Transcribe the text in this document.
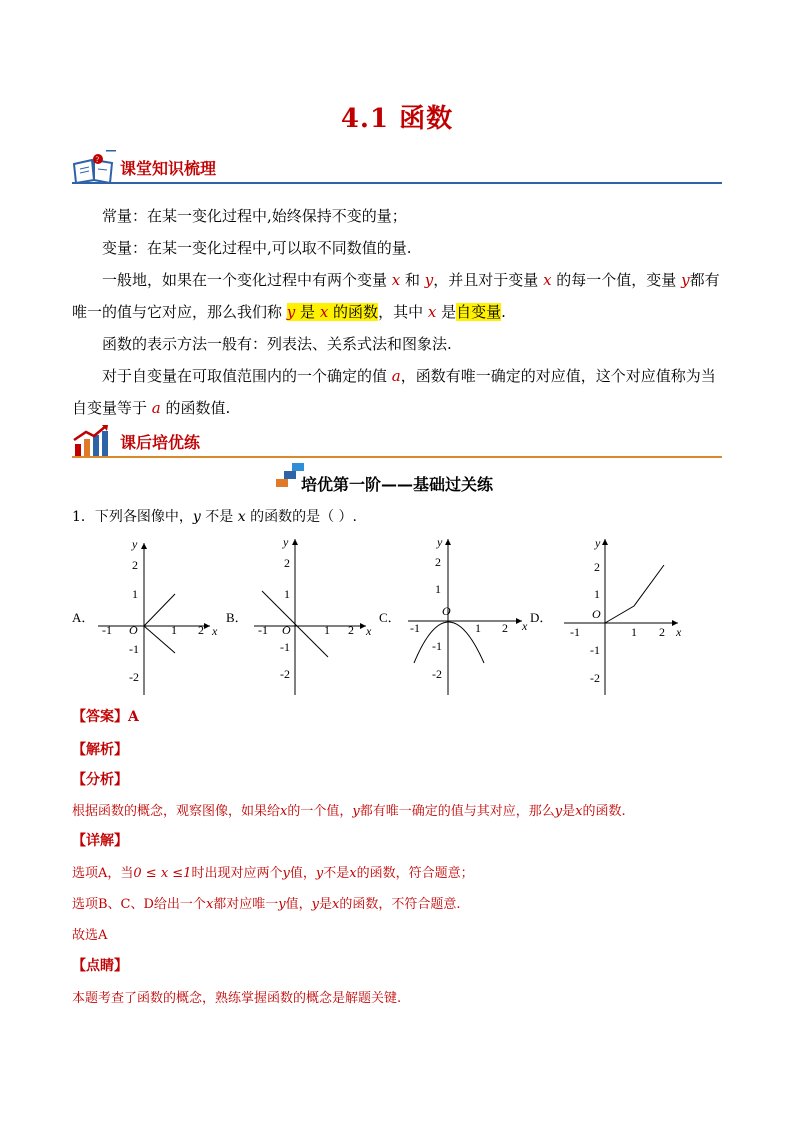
4.1 函数
? 课堂知识梳理
常量：在某一变化过程中,始终保持不变的量；
变量：在某一变化过程中,可以取不同数值的量.
一般地，如果在一个变化过程中有两个变量 x 和 y，并且对于变量 x 的每一个值，变量 y都有唯一的值与它对应，那么我们称 y 是 x 的函数，其中 x 是自变量.
函数的表示方法一般有：列表法、关系式法和图象法.
对于自变量在可取值范围内的一个确定的值 a，函数有唯一确定的对应值，这个对应值称为当自变量等于 a 的函数值.
课后培优练
培优第一阶——基础过关练
1．下列各图像中，y 不是 x 的函数的是（ ）.
A．	B．	C．	D．
y
x
O
-1	1 2
2
1
-1
-2
y
x
O
-1	1 2
2
1
-1
-2
y
x
O
-1	1 2
2
1
-1
-2
y
x
O
-1	1 2
2
1
-1
-2
【答案】A
【解析】
【分析】
根据函数的概念，观察图像，如果给x的一个值，y都有唯一确定的值与其对应，那么y是x的函数.
【详解】
选项A，当0 ≤ x ≤1时出现对应两个y值，y不是x的函数，符合题意；
选项B、C、D给出一个x都对应唯一y值，y是x的函数，不符合题意.
故选A
【点睛】
本题考查了函数的概念，熟练掌握函数的概念是解题关键.
